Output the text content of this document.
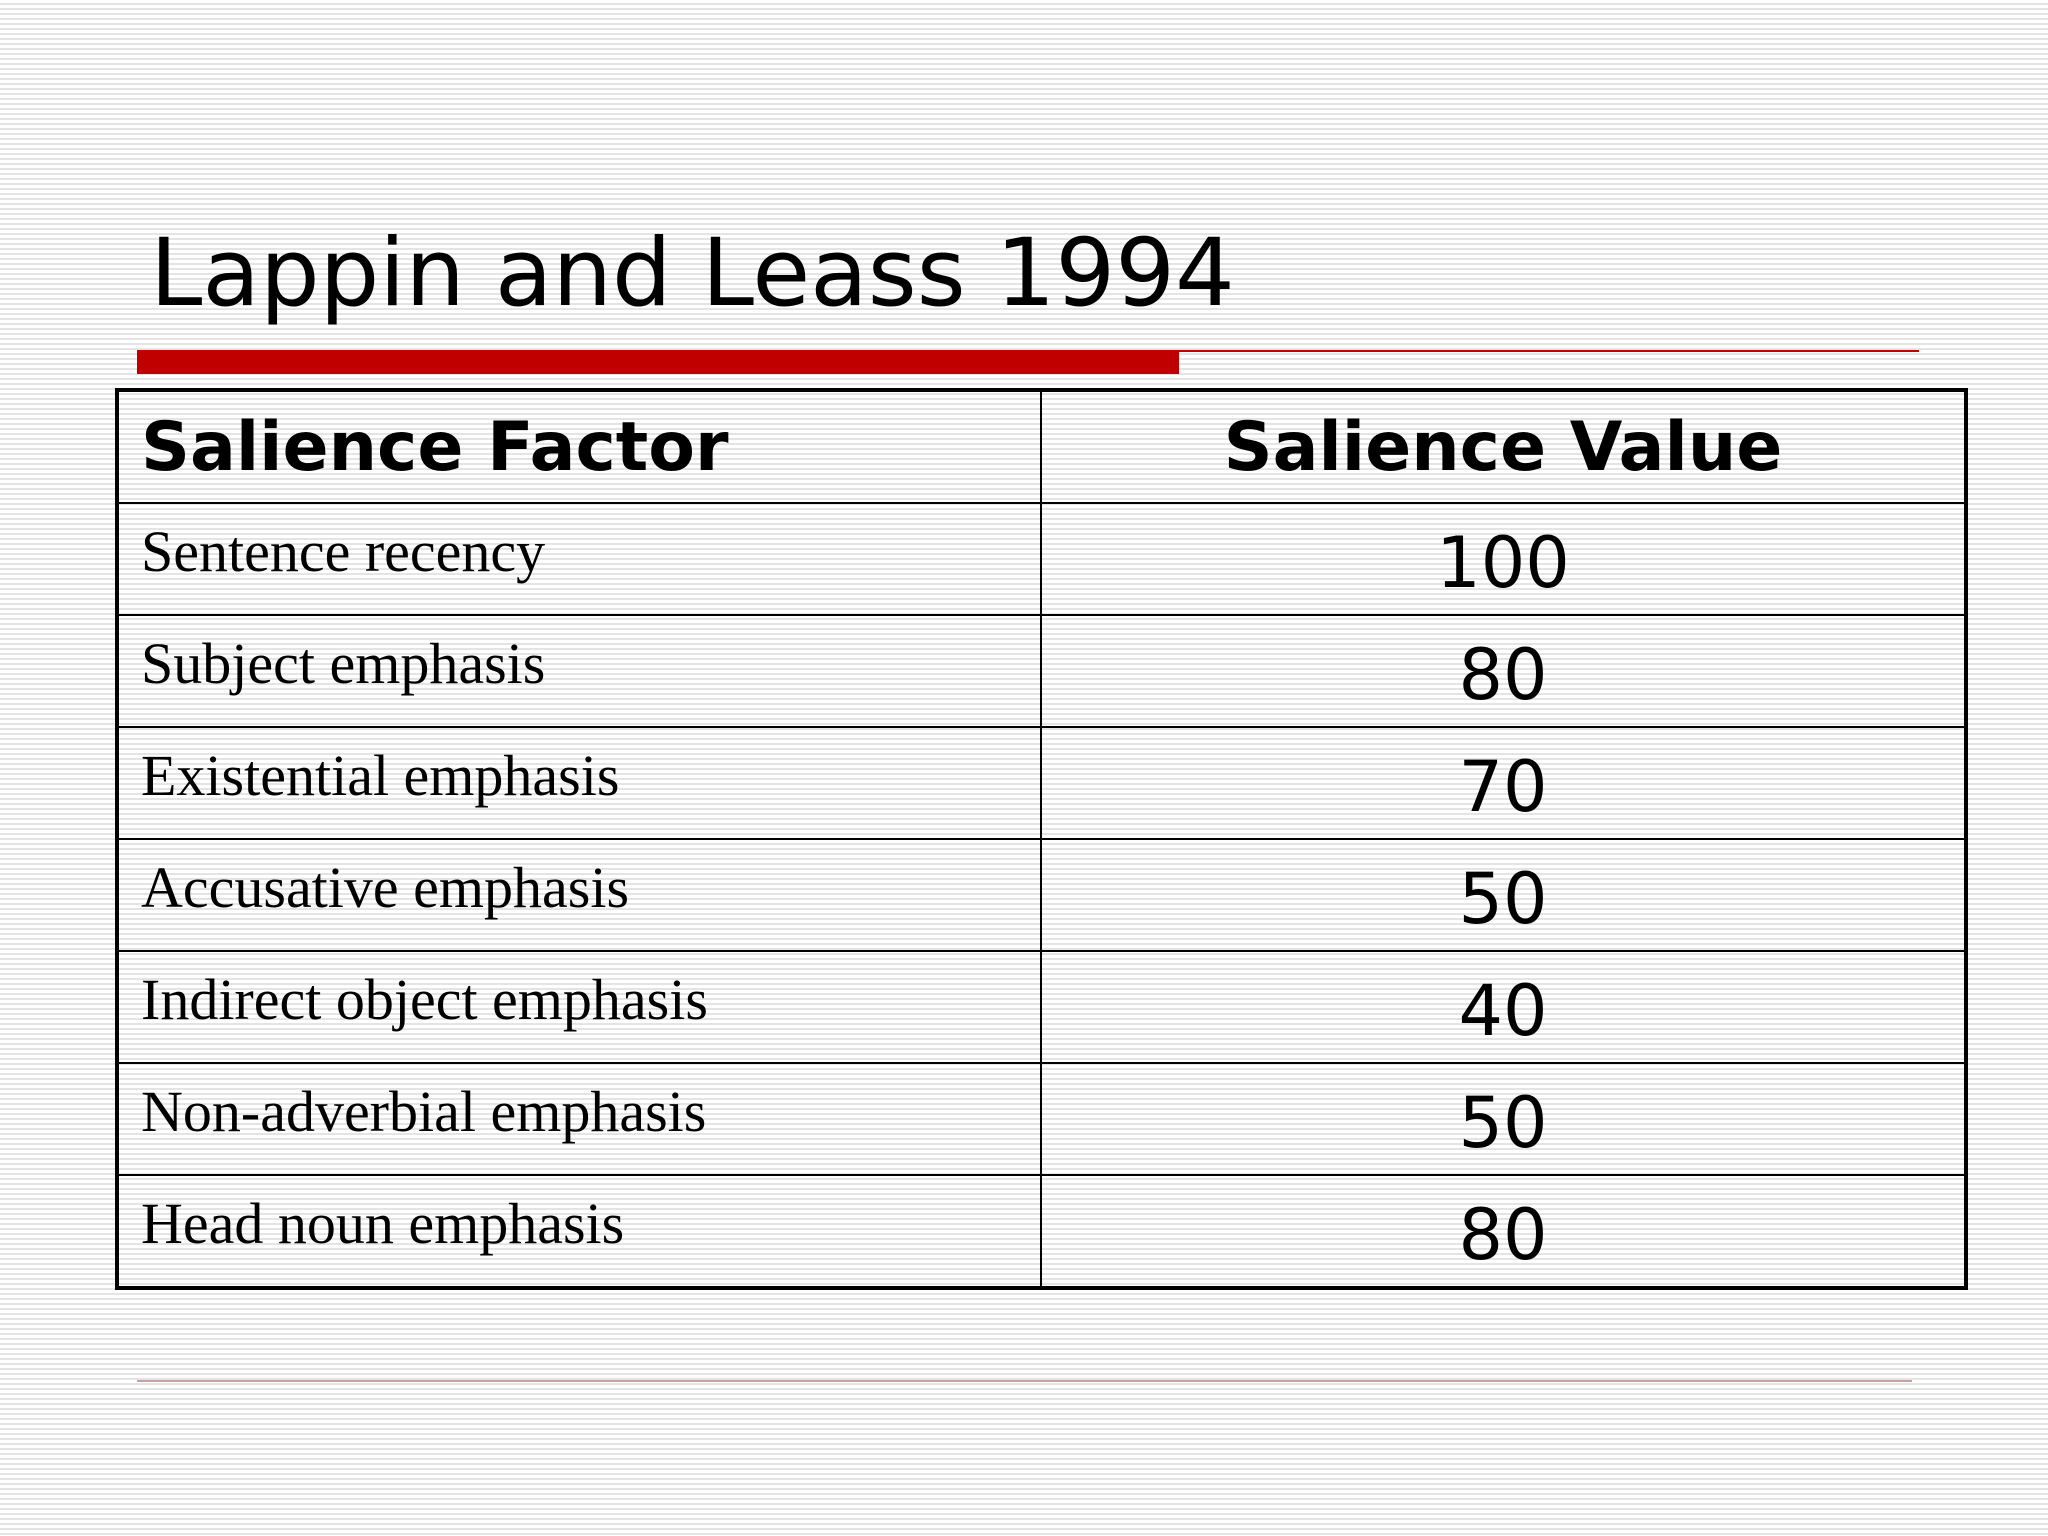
Lappin and Leass 1994
Salience Factor	Salience Value
Sentence recency	100
Subject emphasis	80
Existential emphasis	70
Accusative emphasis	50
Indirect object emphasis	40
Non-adverbial emphasis	50
Head noun emphasis	80
